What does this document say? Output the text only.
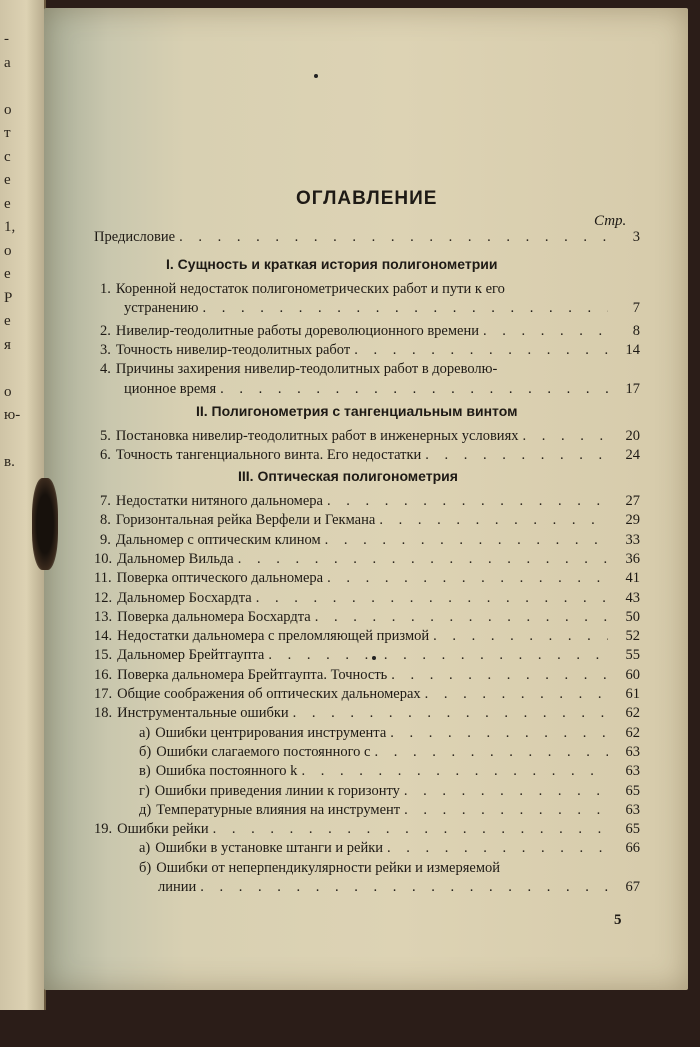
-
а
о
т
с
е
е
1,
о
е
Р
е
я
о
ю-
в.
ОГЛАВЛЕНИЕ
Стр.
Предисловие . . .	3
I. Сущность и краткая история полигонометрии
1. Коренной недостаток полигонометрических работ и пути к его
устранению . . .	7
2. Нивелир-теодолитные работы дореволюционного времени . . .	8
3. Точность нивелир-теодолитных работ . . .	14
4. Причины захирения нивелир-теодолитных работ в дореволю-
ционное время . . .	17
II. Полигонометрия с тангенциальным винтом
5. Постановка нивелир-теодолитных работ в инженерных условиях . . .	20
6. Точность тангенциального винта. Его недостатки . . .	24
III. Оптическая полигонометрия
7. Недостатки нитяного дальномера . . .	27
8. Горизонтальная рейка Верфели и Гекмана . . .	29
9. Дальномер с оптическим клином . . .	33
10. Дальномер Вильда . . .	36
11. Поверка оптического дальномера . . .	41
12. Дальномер Босхардта . . .	43
13. Поверка дальномера Босхардта . . .	50
14. Недостатки дальномера с преломляющей призмой . . .	52
15. Дальномер Брейтгаупта . . .	55
16. Поверка дальномера Брейтгаупта. Точность . . .	60
17. Общие соображения об оптических дальномерах . . .	61
18. Инструментальные ошибки . . .	62
а) Ошибки центрирования инструмента . . .	62
б) Ошибки слагаемого постоянного с . . .	63
в) Ошибка постоянного k . . .	63
г) Ошибки приведения линии к горизонту . . .	65
д) Температурные влияния на инструмент . . .	63
19. Ошибки рейки . . .	65
а) Ошибки в установке штанги и рейки . . .	66
б) Ошибки от неперпендикулярности рейки и измеряемой
линии . . .	67
5
